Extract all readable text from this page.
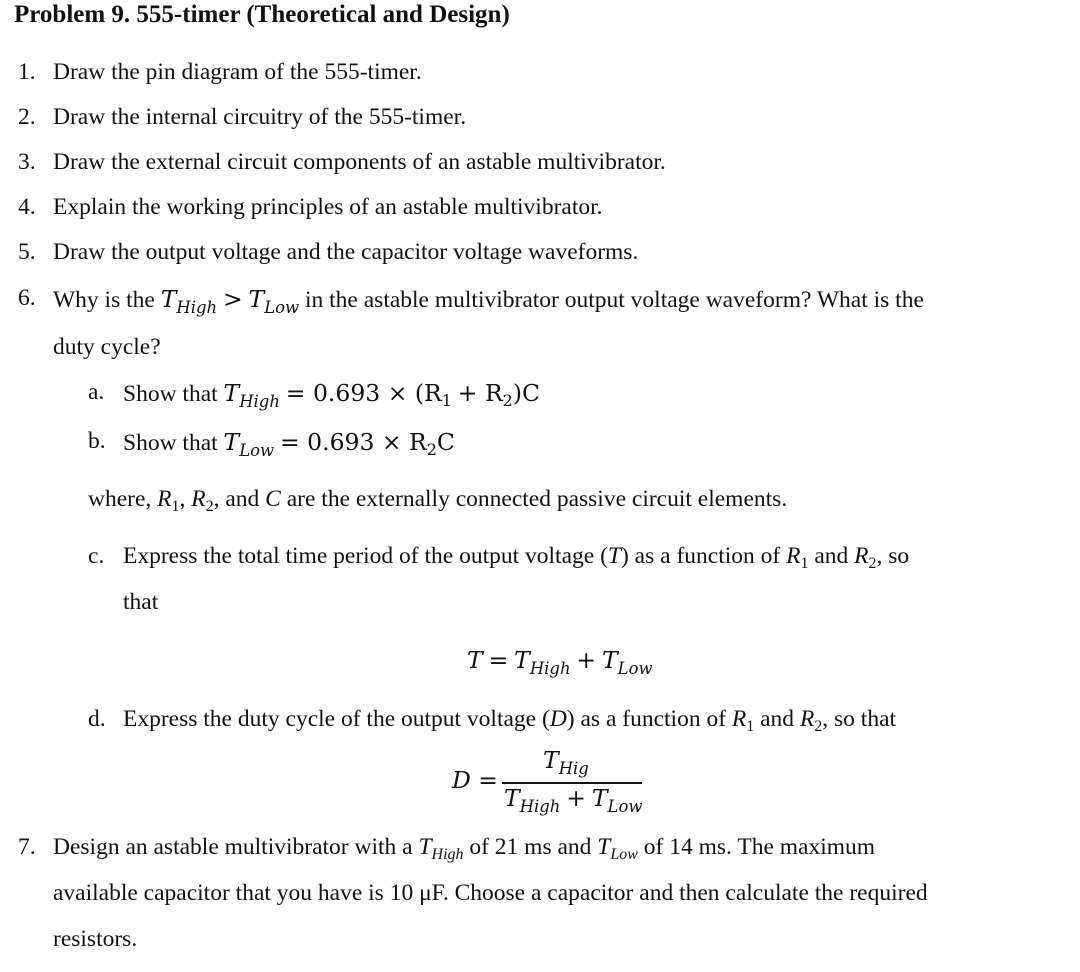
Problem 9. 555-timer (Theoretical and Design)
1. Draw the pin diagram of the 555-timer.
2. Draw the internal circuitry of the 555-timer.
3. Draw the external circuit components of an astable multivibrator.
4. Explain the working principles of an astable multivibrator.
5. Draw the output voltage and the capacitor voltage waveforms.
6. Why is the $T_{High} > T_{Low}$ in the astable multivibrator output voltage waveform? What is the
duty cycle?
a. Show that $T_{High} = 0.693 \times (R_1 + R_2)C$
b. Show that $T_{Low} = 0.693 \times R_2C$
where, $R_1$, $R_2$, and C are the externally connected passive circuit elements.
c. Express the total time period of the output voltage (T) as a function of $R_1$ and $R_2$, so
that
$T = T_{High} + T_{Low}$
d. Express the duty cycle of the output voltage (D) as a function of $R_1$ and $R_2$, so that
D =
$T_{Hig}$
$T_{High} + T_{Low}$
7. Design an astable multivibrator with a $T_{High}$ of 21 ms and $T_{Low}$ of 14 ms. The maximum
available capacitor that you have is 10 μF. Choose a capacitor and then calculate the required
resistors.
